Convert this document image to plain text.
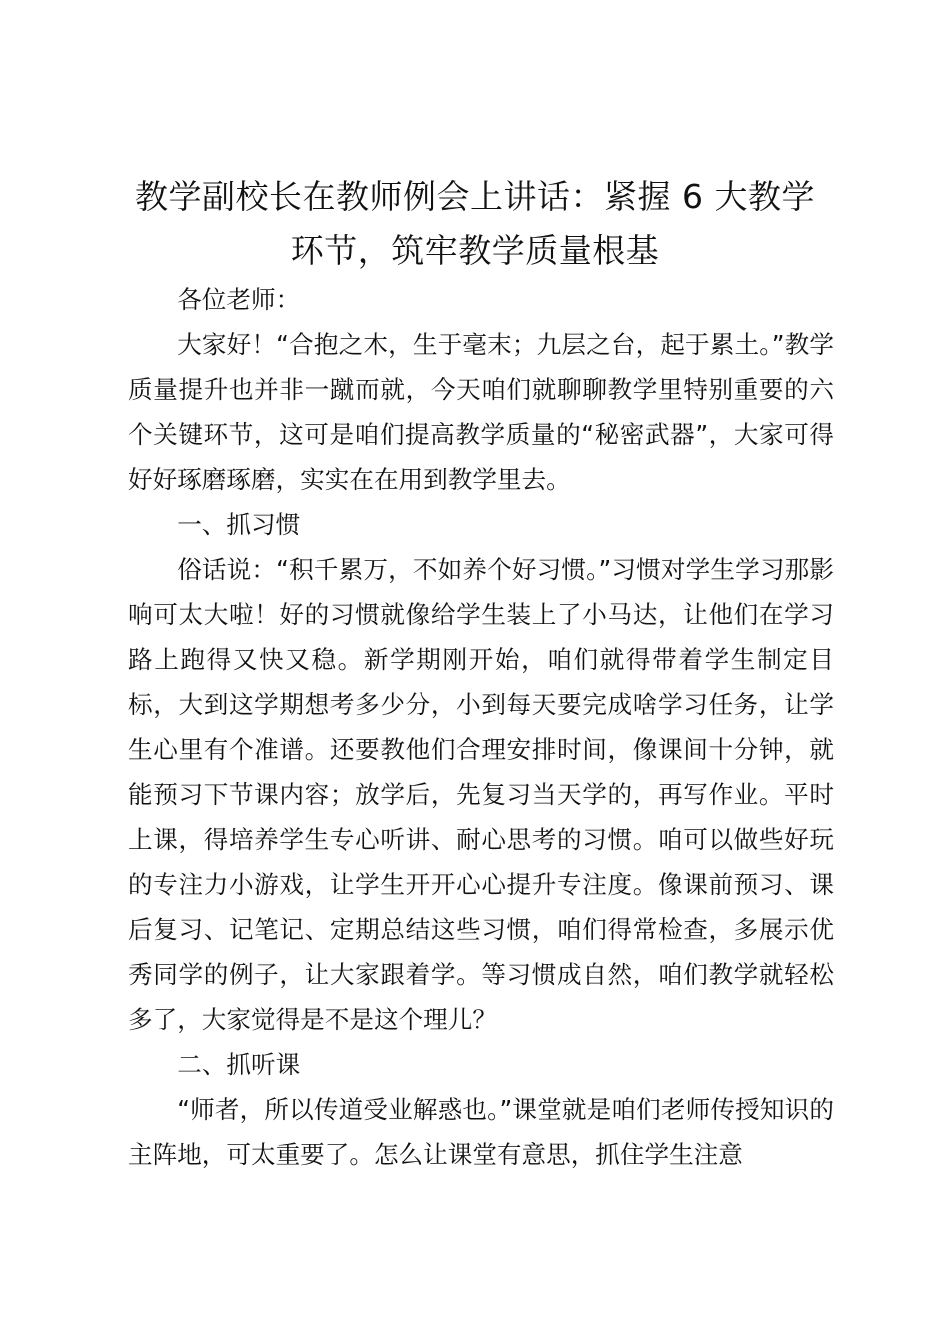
教学副校长在教师例会上讲话：紧握 6 大教学环节，筑牢教学质量根基

各位老师：

大家好！“合抱之木，生于毫末；九层之台，起于累土。”教学质量提升也并非一蹴而就，今天咱们就聊聊教学里特别重要的六个关键环节，这可是咱们提高教学质量的“秘密武器”，大家可得好好琢磨琢磨，实实在在用到教学里去。

一、抓习惯

俗话说：“积千累万，不如养个好习惯。”习惯对学生学习那影响可太大啦！好的习惯就像给学生装上了小马达，让他们在学习路上跑得又快又稳。新学期刚开始，咱们就得带着学生制定目标，大到这学期想考多少分，小到每天要完成啥学习任务，让学生心里有个准谱。还要教他们合理安排时间，像课间十分钟，就能预习下节课内容；放学后，先复习当天学的，再写作业。平时上课，得培养学生专心听讲、耐心思考的习惯。咱可以做些好玩的专注力小游戏，让学生开开心心提升专注度。像课前预习、课后复习、记笔记、定期总结这些习惯，咱们得常检查，多展示优秀同学的例子，让大家跟着学。等习惯成自然，咱们教学就轻松多了，大家觉得是不是这个理儿？

二、抓听课

“师者，所以传道受业解惑也。”课堂就是咱们老师传授知识的主阵地，可太重要了。怎么让课堂有意思，抓住学生注意
